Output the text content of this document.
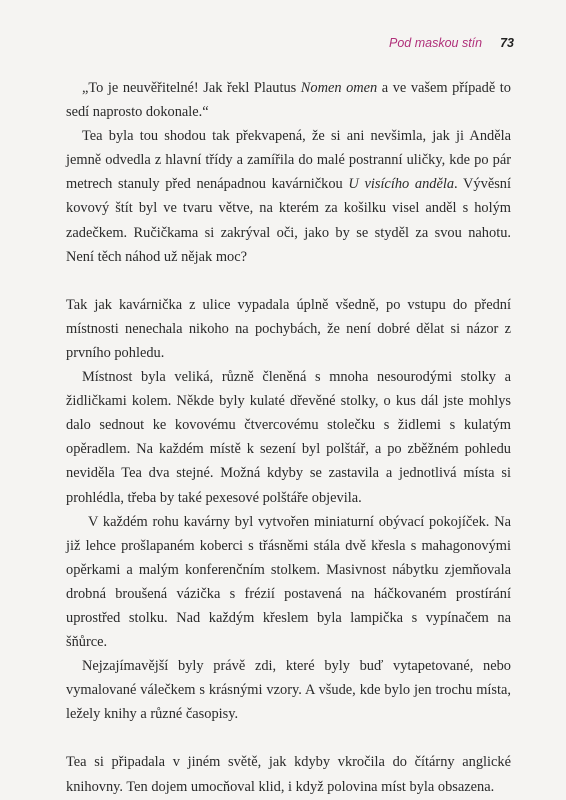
Pod maskou stín 73

„To je neuvěřitelné! Jak řekl Plautus Nomen omen a ve vašem případě to sedí naprosto dokonale.“

Tea byla tou shodou tak překvapená, že si ani nevšimla, jak ji Anděla jemně odvedla z hlavní třídy a zamířila do malé postranní uličky, kde po pár metrech stanuly před nenápadnou kavárničkou U visícího anděla. Vývěsní kovový štít byl ve tvaru větve, na kterém za košilku visel anděl s holým zadečkem. Ručičkama si zakrýval oči, jako by se styděl za svou nahotu. Není těch náhod už nějak moc?

Tak jak kavárnička z ulice vypadala úplně všedně, po vstupu do přední místnosti nenechala nikoho na pochybách, že není dobré dělat si názor z prvního pohledu.

Místnost byla veliká, různě členěná s mnoha nesourodými stolky a židličkami kolem. Někde byly kulaté dřevěné stolky, o kus dál jste mohlys dalo sednout ke kovovému čtvercovému stolečku s židlemi s kulatým opěradlem. Na každém místě k sezení byl polštář, a po zběžném pohledu neviděla Tea dva stejné. Možná kdyby se zastavila a jednotlivá místa si prohlédla, třeba by také pexesové polštáře objevila.

V každém rohu kavárny byl vytvořen miniaturní obývací pokojíček. Na již lehce prošlapaném koberci s třásněmi stála dvě křesla s mahagonovými opěrkami a malým konferenčním stolkem. Masivnost nábytku zjemňovala drobná broušená vázička s frézií postavená na háčkovaném prostírání uprostřed stolku. Nad každým křeslem byla lampička s vypínačem na šňůrce.

Nejzajímavější byly právě zdi, které byly buď vytapetované, nebo vymalované válečkem s krásnými vzory. A všude, kde bylo jen trochu místa, ležely knihy a různé časopisy.

Tea si připadala v jiném světě, jak kdyby vkročila do čítárny anglické knihovny. Ten dojem umocňoval klid, i když polovina míst byla obsazena.
